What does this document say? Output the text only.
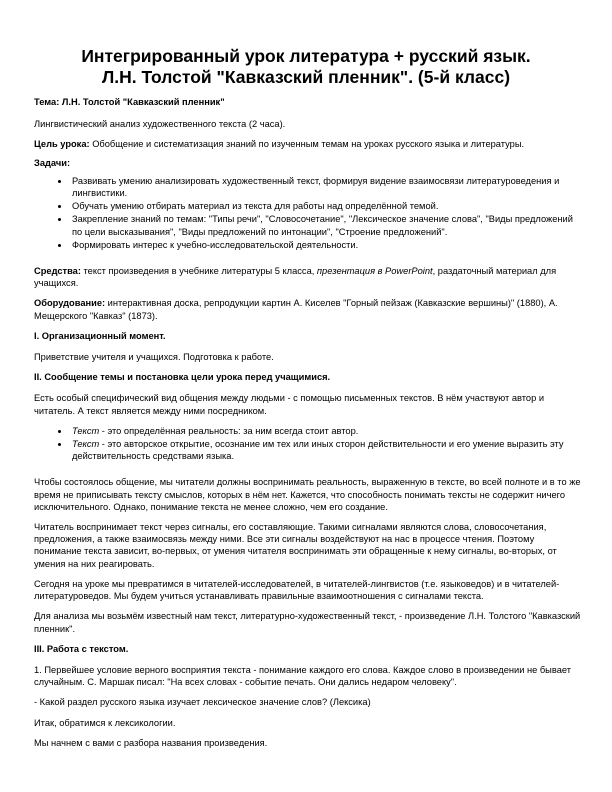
Интегрированный урок литература + русский язык.
Л.Н. Толстой "Кавказский пленник". (5-й класс)

Тема: Л.Н. Толстой "Кавказский пленник"

Лингвистический анализ художественного текста (2 часа).

Цель урока: Обобщение и систематизация знаний по изученным темам на уроках русского языка и литературы.

Задачи:

• Развивать умению анализировать художественный текст, формируя видение взаимосвязи литературоведения и лингвистики.
• Обучать умению отбирать материал из текста для работы над определённой темой.
• Закрепление знаний по темам: "Типы речи", "Словосочетание", "Лексическое значение слова", "Виды предложений по цели высказывания", "Виды предложений по интонации", "Строение предложений".
• Формировать интерес к учебно-исследовательской деятельности.

Средства: текст произведения в учебнике литературы 5 класса, презентация в PowerPoint, раздаточный материал для учащихся.

Оборудование: интерактивная доска, репродукции картин А. Киселев "Горный пейзаж (Кавказские вершины)" (1880), А. Мещерского "Кавказ" (1873).

I. Организационный момент.

Приветствие учителя и учащихся. Подготовка к работе.

II. Сообщение темы и постановка цели урока перед учащимися.

Есть особый специфический вид общения между людьми - с помощью письменных текстов. В нём участвуют автор и читатель. А текст является между ними посредником.

• Текст - это определённая реальность: за ним всегда стоит автор.
• Текст - это авторское открытие, осознание им тех или иных сторон действительности и его умение выразить эту действительность средствами языка.

Чтобы состоялось общение, мы читатели должны воспринимать реальность, выраженную в тексте, во всей полноте и в то же время не приписывать тексту смыслов, которых в нём нет. Кажется, что способность понимать тексты не содержит ничего исключительного. Однако, понимание текста не менее сложно, чем его создание.

Читатель воспринимает текст через сигналы, его составляющие. Такими сигналами являются слова, словосочетания, предложения, а также взаимосвязь между ними. Все эти сигналы воздействуют на нас в процессе чтения. Поэтому понимание текста зависит, во-первых, от умения читателя воспринимать эти обращенные к нему сигналы, во-вторых, от умения на них реагировать.

Сегодня на уроке мы превратимся в читателей-исследователей, в читателей-лингвистов (т.е. языковедов) и в читателей-литературоведов. Мы будем учиться устанавливать правильные взаимоотношения с сигналами текста.

Для анализа мы возьмём известный нам текст, литературно-художественный текст, - произведение Л.Н. Толстого "Кавказский пленник".

III. Работа с текстом.

1. Первейшее условие верного восприятия текста - понимание каждого его слова. Каждое слово в произведении не бывает случайным. С. Маршак писал: "На всех словах - событие печать. Они дались недаром человеку".

- Какой раздел русского языка изучает лексическое значение слов? (Лексика)

Итак, обратимся к лексикологии.

Мы начнем с вами с разбора названия произведения.
